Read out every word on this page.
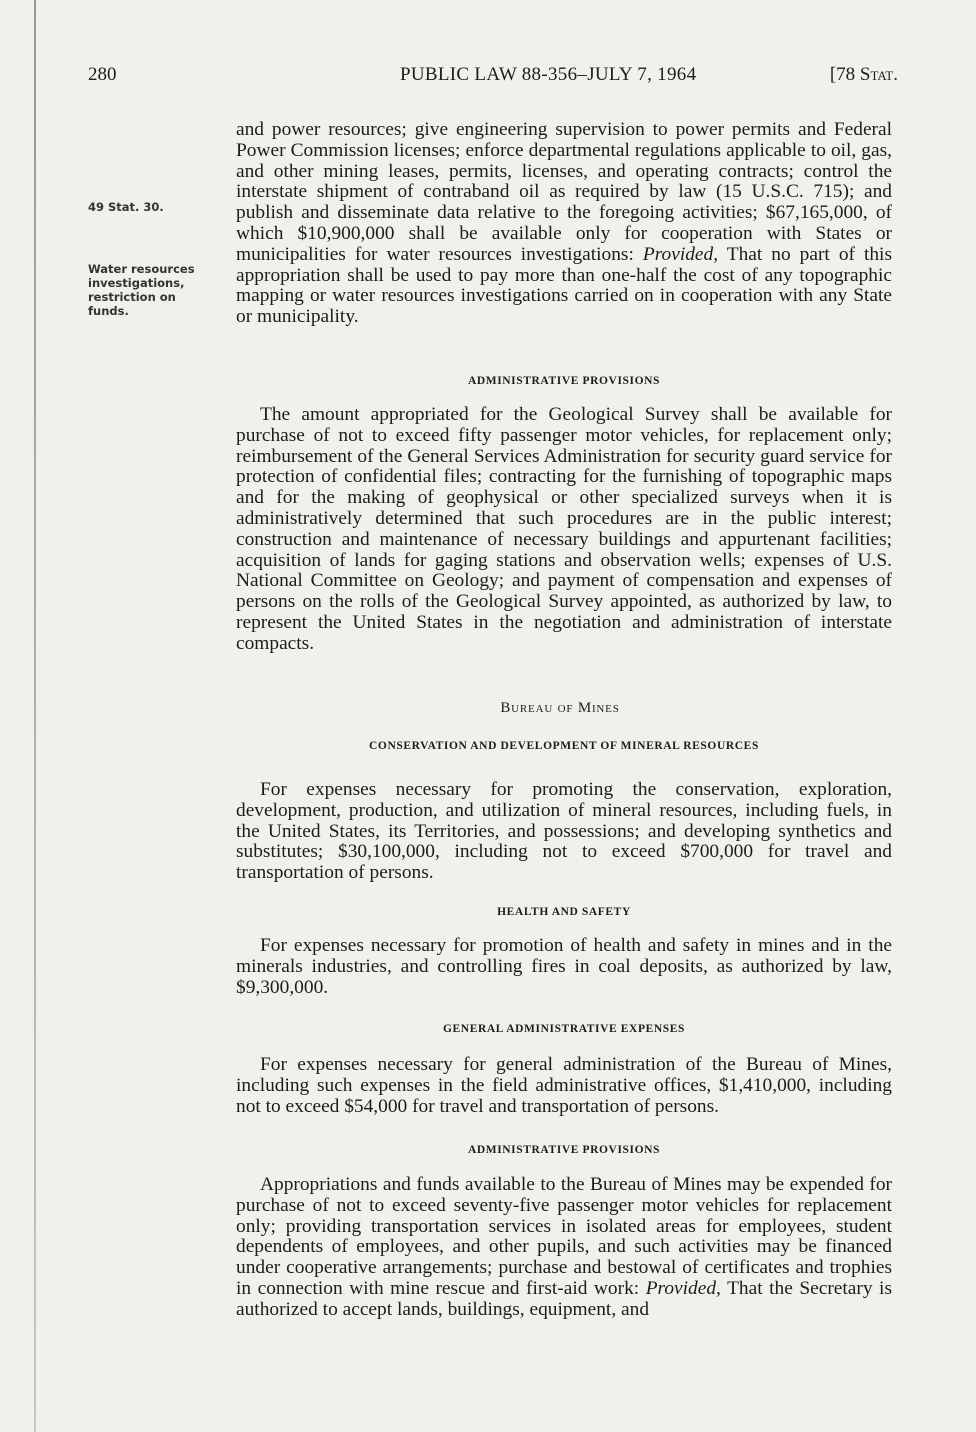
280	PUBLIC LAW 88-356–JULY 7, 1964	[78 Stat.
49 Stat. 30.
Water resources investigations, restriction on funds.

and power resources; give engineering supervision to power permits and Federal Power Commission licenses; enforce departmental regulations applicable to oil, gas, and other mining leases, permits, licenses, and operating contracts; control the interstate shipment of contraband oil as required by law (15 U.S.C. 715); and publish and disseminate data relative to the foregoing activities; $67,165,000, of which $10,900,000 shall be available only for cooperation with States or municipalities for water resources investigations: Provided, That no part of this appropriation shall be used to pay more than one-half the cost of any topographic mapping or water resources investigations carried on in cooperation with any State or municipality.

ADMINISTRATIVE PROVISIONS

The amount appropriated for the Geological Survey shall be available for purchase of not to exceed fifty passenger motor vehicles, for replacement only; reimbursement of the General Services Administration for security guard service for protection of confidential files; contracting for the furnishing of topographic maps and for the making of geophysical or other specialized surveys when it is administratively determined that such procedures are in the public interest; construction and maintenance of necessary buildings and appurtenant facilities; acquisition of lands for gaging stations and observation wells; expenses of U.S. National Committee on Geology; and payment of compensation and expenses of persons on the rolls of the Geological Survey appointed, as authorized by law, to represent the United States in the negotiation and administration of interstate compacts.

Bureau of Mines
CONSERVATION AND DEVELOPMENT OF MINERAL RESOURCES

For expenses necessary for promoting the conservation, exploration, development, production, and utilization of mineral resources, including fuels, in the United States, its Territories, and possessions; and developing synthetics and substitutes; $30,100,000, including not to exceed $700,000 for travel and transportation of persons.

HEALTH AND SAFETY

For expenses necessary for promotion of health and safety in mines and in the minerals industries, and controlling fires in coal deposits, as authorized by law, $9,300,000.

GENERAL ADMINISTRATIVE EXPENSES

For expenses necessary for general administration of the Bureau of Mines, including such expenses in the field administrative offices, $1,410,000, including not to exceed $54,000 for travel and transportation of persons.

ADMINISTRATIVE PROVISIONS

Appropriations and funds available to the Bureau of Mines may be expended for purchase of not to exceed seventy-five passenger motor vehicles for replacement only; providing transportation services in isolated areas for employees, student dependents of employees, and other pupils, and such activities may be financed under cooperative arrangements; purchase and bestowal of certificates and trophies in connection with mine rescue and first-aid work: Provided, That the Secretary is authorized to accept lands, buildings, equipment, and
